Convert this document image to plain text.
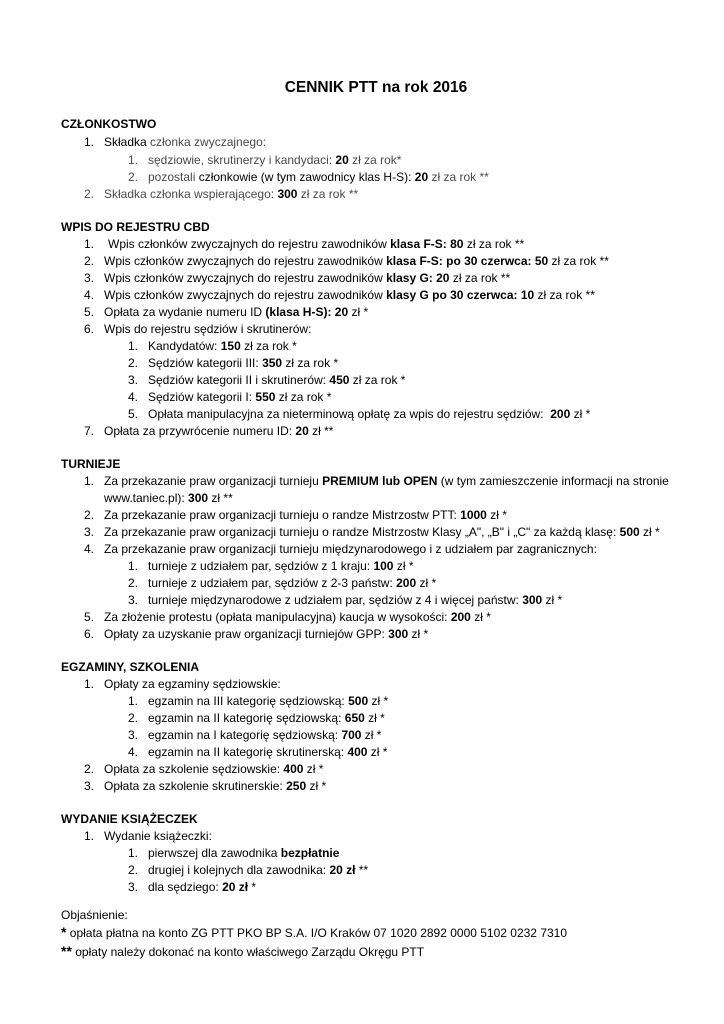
CENNIK PTT na rok 2016
CZŁONKOSTWO
1. Składka członka zwyczajnego:
1. sędziowie, skrutinerzy i kandydaci: 20 zł za rok*
2. pozostali członkowie (w tym zawodnicy klas H-S): 20 zł za rok **
2. Składka członka wspierającego: 300 zł za rok **
WPIS DO REJESTRU CBD
1. Wpis członków zwyczajnych do rejestru zawodników klasa F-S: 80 zł za rok **
2. Wpis członków zwyczajnych do rejestru zawodników klasa F-S: po 30 czerwca: 50 zł za rok **
3. Wpis członków zwyczajnych do rejestru zawodników klasy G: 20 zł za rok **
4. Wpis członków zwyczajnych do rejestru zawodników klasy G po 30 czerwca: 10 zł za rok **
5. Opłata za wydanie numeru ID (klasa H-S): 20 zł *
6. Wpis do rejestru sędziów i skrutinerów:
1. Kandydatów: 150 zł za rok *
2. Sędziów kategorii III: 350 zł za rok *
3. Sędziów kategorii II i skrutinerów: 450 zł za rok *
4. Sędziów kategorii I: 550 zł za rok *
5. Opłata manipulacyjna za nieterminową opłatę za wpis do rejestru sędziów:  200 zł *
7. Opłata za przywrócenie numeru ID: 20 zł **
TURNIEJE
1. Za przekazanie praw organizacji turnieju PREMIUM lub OPEN (w tym zamieszczenie informacji na stronie
www.taniec.pl): 300 zł **
2. Za przekazanie praw organizacji turnieju o randze Mistrzostw PTT: 1000 zł *
3. Za przekazanie praw organizacji turnieju o randze Mistrzostw Klasy „A", „B" i „C" za każdą klasę: 500 zł *
4. Za przekazanie praw organizacji turnieju międzynarodowego i z udziałem par zagranicznych:
1. turnieje z udziałem par, sędziów z 1 kraju: 100 zł *
2. turnieje z udziałem par, sędziów z 2-3 państw: 200 zł *
3. turnieje międzynarodowe z udziałem par, sędziów z 4 i więcej państw: 300 zł *
5. Za złożenie protestu (opłata manipulacyjna) kaucja w wysokości: 200 zł *
6. Opłaty za uzyskanie praw organizacji turniejów GPP: 300 zł *
EGZAMINY, SZKOLENIA
1. Opłaty za egzaminy sędziowskie:
1. egzamin na III kategorię sędziowską: 500 zł *
2. egzamin na II kategorię sędziowską: 650 zł *
3. egzamin na I kategorię sędziowską: 700 zł *
4. egzamin na II kategorię skrutinerską: 400 zł *
2. Opłata za szkolenie sędziowskie: 400 zł *
3. Opłata za szkolenie skrutinerskie: 250 zł *
WYDANIE KSIĄŻECZEK
1. Wydanie książeczki:
1. pierwszej dla zawodnika bezpłatnie
2. drugiej i kolejnych dla zawodnika: 20 zł **
3. dla sędziego: 20 zł *
Objaśnienie:
* opłata płatna na konto ZG PTT PKO BP S.A. I/O Kraków 07 1020 2892 0000 5102 0232 7310
** opłaty należy dokonać na konto właściwego Zarządu Okręgu PTT
